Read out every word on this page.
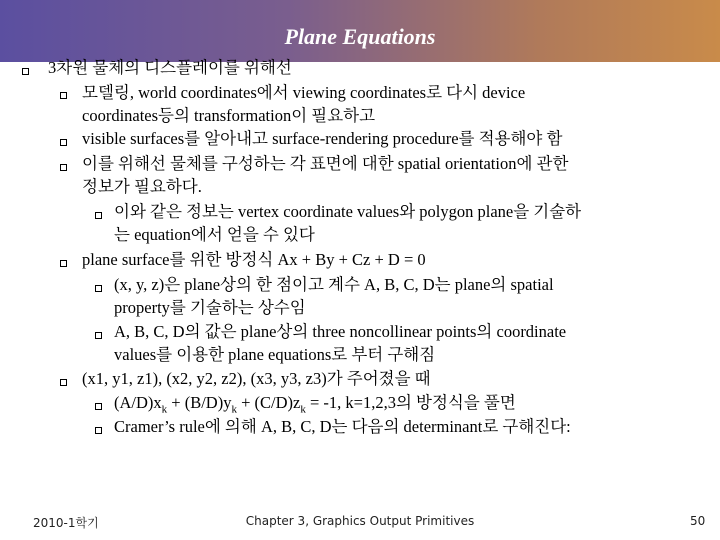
Plane Equations
3차원 물체의 디스플레이를 위해선
모델링, world coordinates에서 viewing coordinates로 다시 device
coordinates등의 transformation이 필요하고
visible surfaces를 알아내고 surface-rendering procedure를 적용해야 함
이를 위해선 물체를 구성하는 각 표면에 대한 spatial orientation에 관한
정보가 필요하다.
이와 같은 정보는 vertex coordinate values와 polygon plane을 기술하
는 equation에서 얻을 수 있다
plane surface를 위한 방정식 Ax + By + Cz + D = 0
(x, y, z)은 plane상의 한 점이고 계수 A, B, C, D는 plane의 spatial
property를 기술하는 상수임
A, B, C, D의 값은 plane상의 three noncollinear points의 coordinate
values를 이용한 plane equations로 부터 구해짐
(x1, y1, z1), (x2, y2, z2), (x3, y3, z3)가 주어졌을 때
$(A/D)x_k + (B/D)y_k + (C/D)z_k = -1$, k=1,2,3의 방정식을 풀면
Cramer’s rule에 의해 A, B, C, D는 다음의 determinant로 구해진다:
2010-1학기	Chapter 3, Graphics Output Primitives	50
